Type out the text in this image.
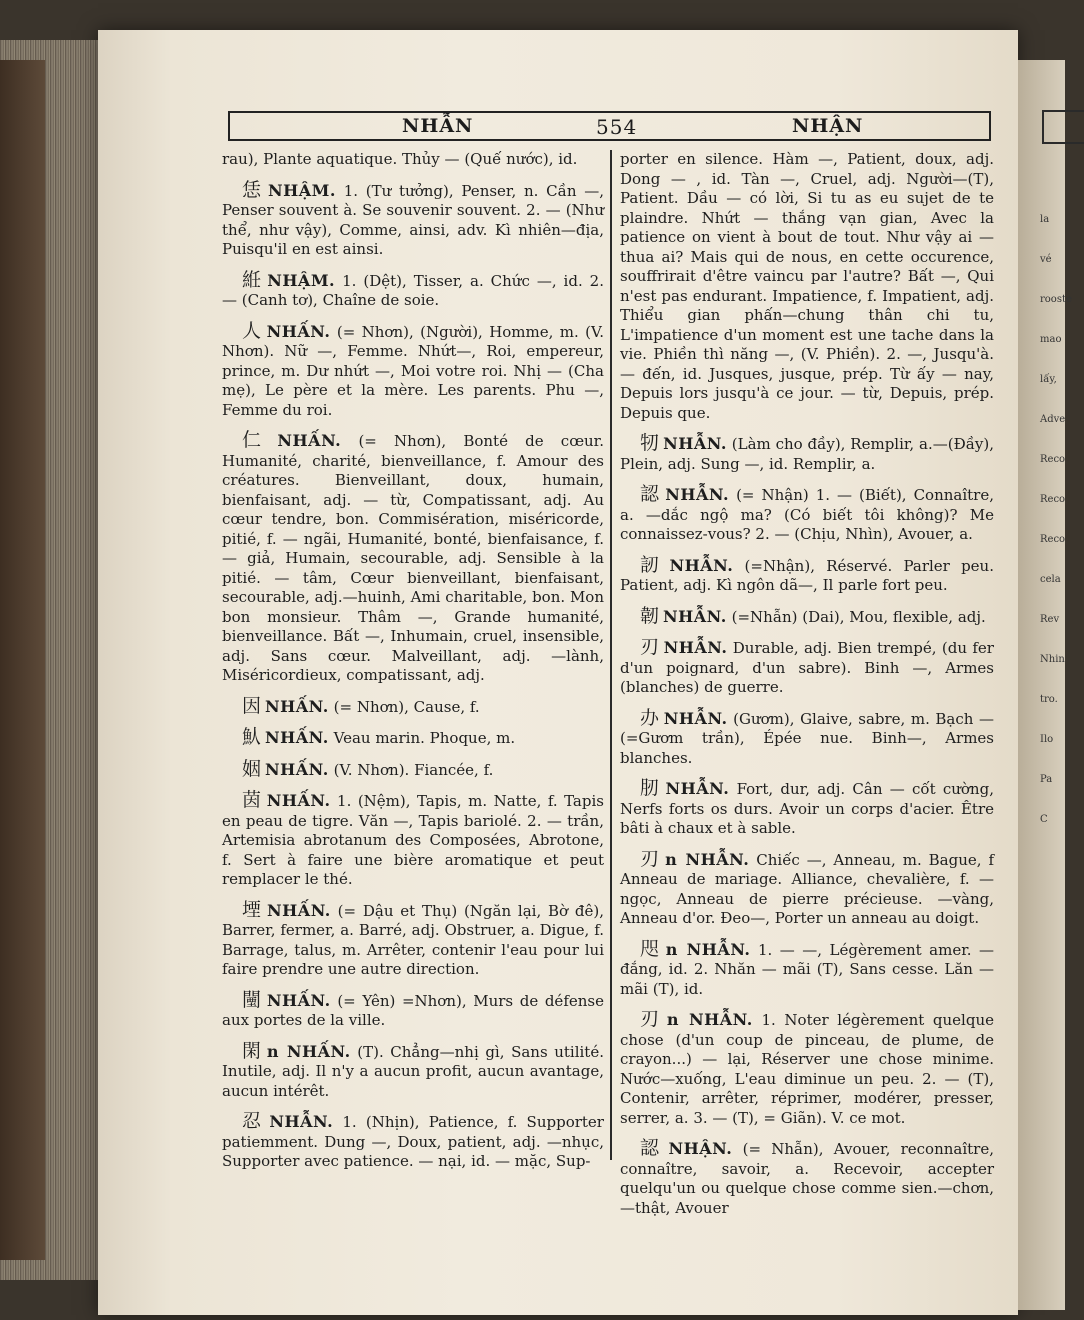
la vé rooste mao lấy, Adve Reco Reco Reco cela Rev Nhin tro. Ilo Pa C
NHẪN	554	NHẬN
rau), Plante aquatique. Thủy — (Quế nước), id.
恁 NHẬM. 1. (Tư tưởng), Penser, n. Cần —, Penser souvent à. Se souvenir souvent. 2. — (Như thể, như vậy), Comme, ainsi, adv. Kì nhiên—địa, Puisqu'il en est ainsi.
絍 NHẬM. 1. (Dệt), Tisser, a. Chức —, id. 2. — (Canh tơ), Chaîne de soie.
人 NHẤN. (= Nhơn), (Người), Homme, m. (V. Nhơn). Nữ —, Femme. Nhứt—, Roi, empereur, prince, m. Dư nhứt —, Moi votre roi. Nhị — (Cha mẹ), Le père et la mère. Les parents. Phu —, Femme du roi.
仁 NHẤN. (= Nhơn), Bonté de cœur. Humanité, charité, bienveillance, f. Amour des créatures. Bienveillant, doux, humain, bienfaisant, adj. — từ, Compatissant, adj. Au cœur tendre, bon. Commisération, miséricorde, pitié, f. — ngãi, Humanité, bonté, bienfaisance, f. — giả, Humain, secourable, adj. Sensible à la pitié. — tâm, Cœur bienveillant, bienfaisant, secourable, adj.—huinh, Ami charitable, bon. Mon bon monsieur. Thâm —, Grande humanité, bienveillance. Bất —, Inhumain, cruel, insensible, adj. Sans cœur. Malveillant, adj. —lành, Miséricordieux, compatissant, adj.
因 NHẤN. (= Nhơn), Cause, f.
魜 NHẤN. Veau marin. Phoque, m.
姻 NHẤN. (V. Nhơn). Fiancée, f.
茵 NHẤN. 1. (Nệm), Tapis, m. Natte, f. Tapis en peau de tigre. Văn —, Tapis bariolé. 2. — trần, Artemisia abrotanum des Composées, Abrotone, f. Sert à faire une bière aromatique et peut remplacer le thé.
堙 NHẤN. (= Dậu et Thụ) (Ngăn lại, Bờ đê), Barrer, fermer, a. Barré, adj. Obstruer, a. Digue, f. Barrage, talus, m. Arrêter, contenir l'eau pour lui faire prendre une autre direction.
闉 NHẤN. (= Yên) =Nhơn), Murs de défense aux portes de la ville.
閑 n NHẤN. (T). Chẳng—nhị gì, Sans utilité. Inutile, adj. Il n'y a aucun profit, aucun avantage, aucun intérêt.
忍 NHẪN. 1. (Nhịn), Patience, f. Supporter patiemment. Dung —, Doux, patient, adj. —nhục, Supporter avec patience. — nại, id. — mặc, Sup-
porter en silence. Hàm —, Patient, doux, adj. Dong — , id. Tàn —, Cruel, adj. Người—(T), Patient. Dầu — có lời, Si tu as eu sujet de te plaindre. Nhứt — thắng vạn gian, Avec la patience on vient à bout de tout. Như vậy ai — thua ai? Mais qui de nous, en cette occurence, souffrirait d'être vaincu par l'autre? Bất —, Qui n'est pas endurant. Impatience, f. Impatient, adj. Thiểu gian phấn—chung thân chi tu, L'impatience d'un moment est une tache dans la vie. Phiền thì năng —, (V. Phiền). 2. —, Jusqu'à. — đến, id. Jusques, jusque, prép. Từ ấy — nay, Depuis lors jusqu'à ce jour. — từ, Depuis, prép. Depuis que.
牣 NHẪN. (Làm cho đầy), Remplir, a.—(Đầy), Plein, adj. Sung —, id. Remplir, a.
認 NHẪN. (= Nhận) 1. — (Biết), Connaître, a. —dắc ngộ ma? (Có biết tôi không)? Me connaissez-vous? 2. — (Chịu, Nhìn), Avouer, a.
訒 NHẪN. (=Nhận), Réservé. Parler peu. Patient, adj. Kì ngôn dã—, Il parle fort peu.
韌 NHẪN. (=Nhẫn) (Dai), Mou, flexible, adj.
刃 NHẪN. Durable, adj. Bien trempé, (du fer d'un poignard, d'un sabre). Binh —, Armes (blanches) de guerre.
办 NHẪN. (Gươm), Glaive, sabre, m. Bạch — (=Gươm trần), Épée nue. Binh—, Armes blanches.
肕 NHẪN. Fort, dur, adj. Cân — cốt cường, Nerfs forts os durs. Avoir un corps d'acier. Être bâti à chaux et à sable.
刃 n NHẪN. Chiếc —, Anneau, m. Bague, f Anneau de mariage. Alliance, chevalière, f. — ngọc, Anneau de pierre précieuse. —vàng, Anneau d'or. Đeo—, Porter un anneau au doigt.
咫 n NHẪN. 1. — —, Légèrement amer. — đắng, id. 2. Nhăn — mãi (T), Sans cesse. Lăn — mãi (T), id.
刃 n NHẪN. 1. Noter légèrement quelque chose (d'un coup de pinceau, de plume, de crayon...) — lại, Réserver une chose minime. Nước—xuống, L'eau diminue un peu. 2. — (T), Contenir, arrêter, réprimer, modérer, presser, serrer, a. 3. — (T), = Giãn). V. ce mot.
認 NHẬN. (= Nhẫn), Avouer, reconnaître, connaître, savoir, a. Recevoir, accepter quelqu'un ou quelque chose comme sien.—chơn,—thật, Avouer
